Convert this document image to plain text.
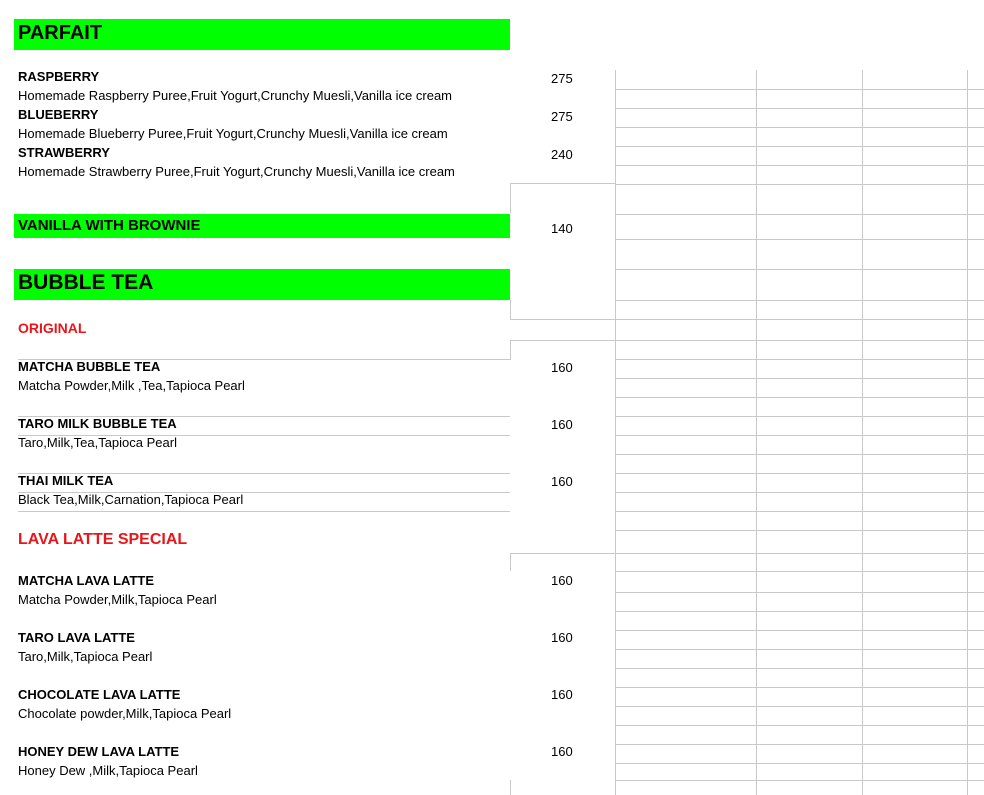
PARFAIT
RASPBERRY	275
Homemade Raspberry Puree,Fruit Yogurt,Crunchy Muesli,Vanilla ice cream
BLUEBERRY	275
Homemade Blueberry Puree,Fruit Yogurt,Crunchy Muesli,Vanilla ice cream
STRAWBERRY	240
Homemade Strawberry Puree,Fruit Yogurt,Crunchy Muesli,Vanilla ice cream
VANILLA WITH BROWNIE	140
BUBBLE TEA
ORIGINAL
MATCHA BUBBLE TEA	160
Matcha Powder,Milk ,Tea,Tapioca Pearl
TARO MILK BUBBLE TEA	160
Taro,Milk,Tea,Tapioca Pearl
THAI MILK TEA	160
Black Tea,Milk,Carnation,Tapioca Pearl
LAVA LATTE SPECIAL
MATCHA LAVA LATTE	160
Matcha Powder,Milk,Tapioca Pearl
TARO LAVA LATTE	160
Taro,Milk,Tapioca Pearl
CHOCOLATE LAVA LATTE	160
Chocolate powder,Milk,Tapioca Pearl
HONEY DEW LAVA LATTE	160
Honey Dew ,Milk,Tapioca Pearl
